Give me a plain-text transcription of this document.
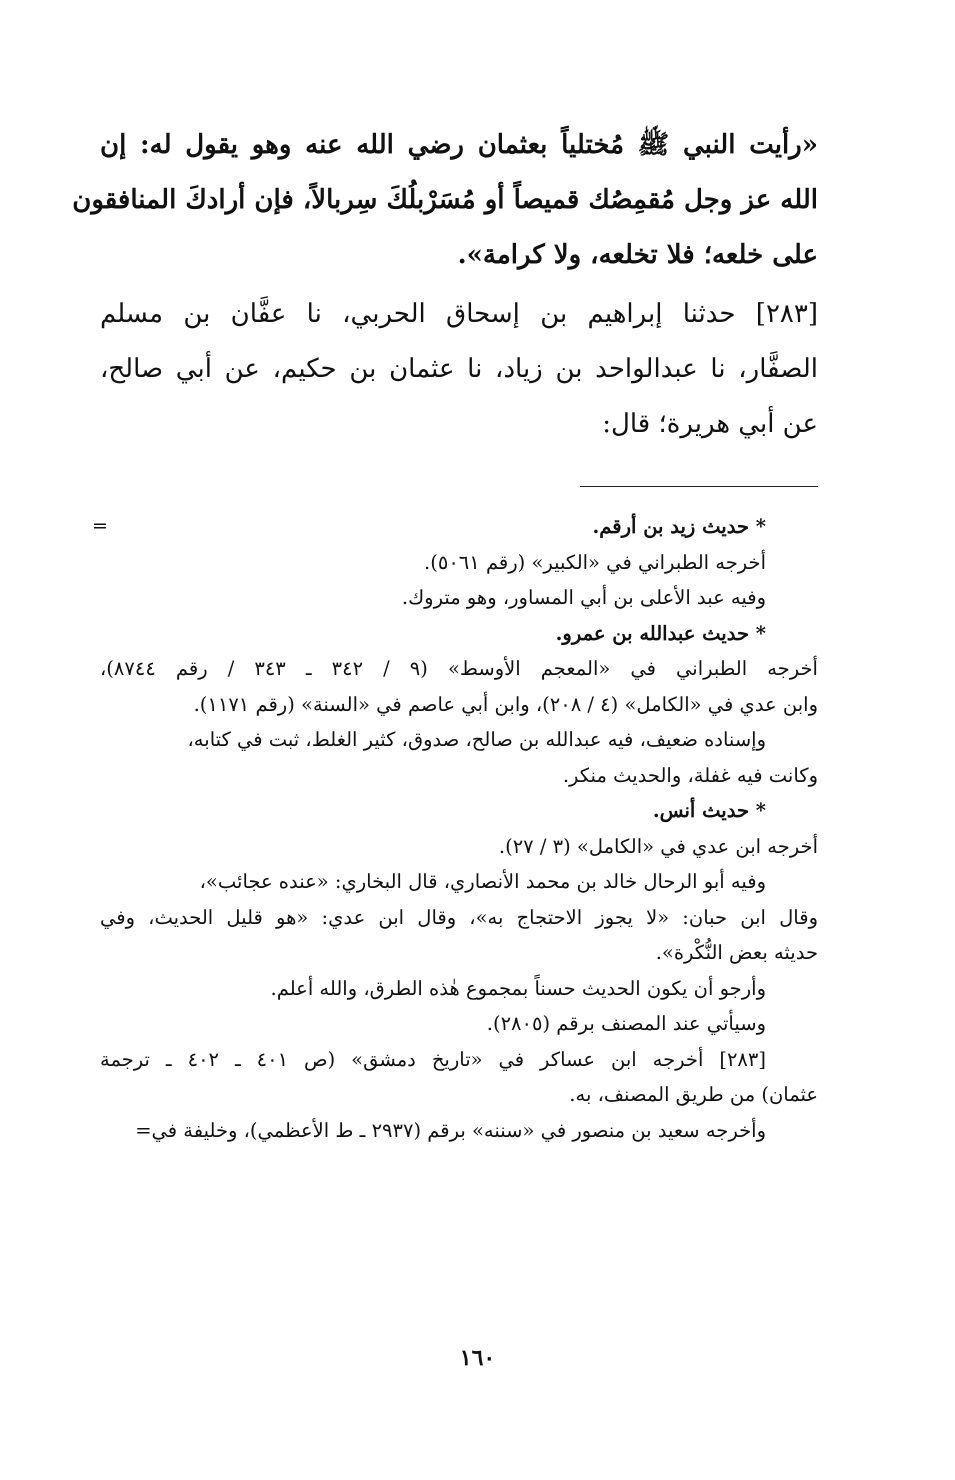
«رأيت النبي ﷺ مُختلياً بعثمان رضي الله عنه وهو يقول له: إن
الله عز وجل مُقمِصُك قميصاً أو مُسَرْبلُكَ سِربالاً، فإن أرادكَ المنافقون
على خلعه؛ فلا تخلعه، ولا كرامة».

[٢٨٣] حدثنا إبراهيم بن إسحاق الحربي، نا عفَّان بن مسلم
الصفَّار، نا عبدالواحد بن زياد، نا عثمان بن حكيم، عن أبي صالح،
عن أبي هريرة؛ قال:

=	* حديث زيد بن أرقم.
أخرجه الطبراني في «الكبير» (رقم ٥٠٦١).
وفيه عبد الأعلى بن أبي المساور، وهو متروك.
* حديث عبدالله بن عمرو.
أخرجه الطبراني في «المعجم الأوسط» (٩ / ٣٤٢ ـ ٣٤٣ / رقم ٨٧٤٤)،
وابن عدي في «الكامل» (٤ / ٢٠٨)، وابن أبي عاصم في «السنة» (رقم ١١٧١).
وإسناده ضعيف، فيه عبدالله بن صالح، صدوق، كثير الغلط، ثبت في كتابه،
وكانت فيه غفلة، والحديث منكر.
* حديث أنس.
أخرجه ابن عدي في «الكامل» (٣ / ٢٧).
وفيه أبو الرحال خالد بن محمد الأنصاري، قال البخاري: «عنده عجائب»،
وقال ابن حبان: «لا يجوز الاحتجاج به»، وقال ابن عدي: «هو قليل الحديث، وفي
حديثه بعض النُّكْرة».
وأرجو أن يكون الحديث حسناً بمجموع هٰذه الطرق، والله أعلم.
وسيأتي عند المصنف برقم (٢٨٠٥).
[٢٨٣] أخرجه ابن عساكر في «تاريخ دمشق» (ص ٤٠١ ـ ٤٠٢ ـ ترجمة
عثمان) من طريق المصنف، به.
وأخرجه سعيد بن منصور في «سننه» برقم (٢٩٣٧ ـ ط الأعظمي)، وخليفة في=
١٦٠
